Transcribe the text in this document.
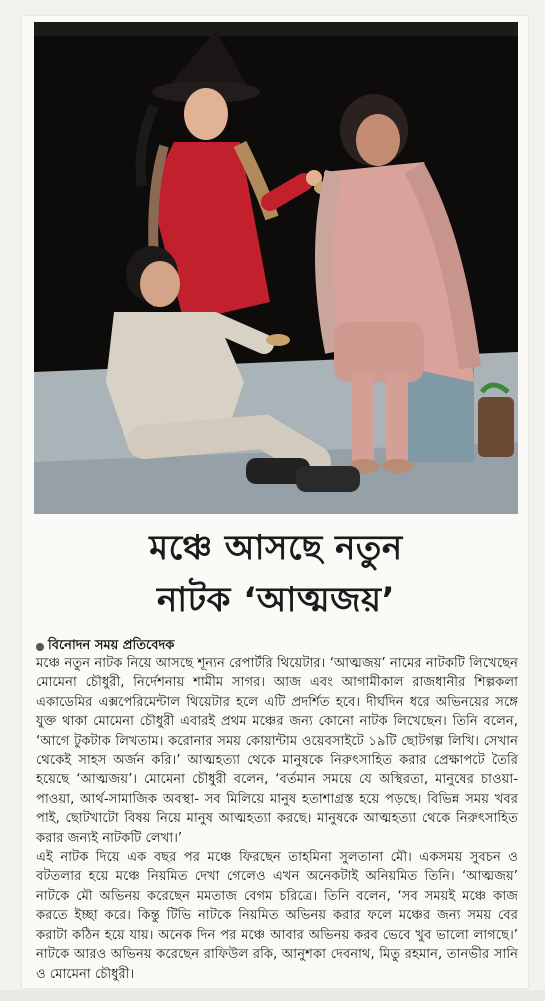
মঞ্চে আসছে নতুন
নাটক ‘আত্মজয়’
বিনোদন সময় প্রতিবেদক

মঞ্চে নতুন নাটক নিয়ে আসছে শূন্যন রেপার্টরি থিয়েটার। ‘আত্মজয়’ নামের নাটকটি লিখেছেন মোমেনা চৌধুরী, নির্দেশনায় শামীম সাগর। আজ এবং আগামীকাল রাজধানীর শিল্পকলা একাডেমির এক্সপেরিমেন্টাল থিয়েটার হলে এটি প্রদর্শিত হবে। দীর্ঘদিন ধরে অভিনয়ের সঙ্গে যুক্ত থাকা মোমেনা চৌধুরী এবারই প্রথম মঞ্চের জন্য কোনো নাটক লিখেছেন। তিনি বলেন, ‘আগে টুকটাক লিখতাম। করোনার সময় কোয়ান্টাম ওয়েবসাইটে ১৯টি ছোটগল্প লিখি। সেখান থেকেই সাহস অর্জন করি।’ আত্মহত্যা থেকে মানুষকে নিরুৎসাহিত করার প্রেক্ষাপটে তৈরি হয়েছে ‘আত্মজয়’। মোমেনা চৌধুরী বলেন, ‘বর্তমান সময়ে যে অস্থিরতা, মানুষের চাওয়া-পাওয়া, আর্থ-সামাজিক অবস্থা- সব মিলিয়ে মানুষ হতাশাগ্রস্ত হয়ে পড়ছে। বিভিন্ন সময় খবর পাই, ছোটখাটো বিষয় নিয়ে মানুষ আত্মহত্যা করছে। মানুষকে আত্মহত্যা থেকে নিরুৎসাহিত করার জন্যই নাটকটি লেখা।’

এই নাটক দিয়ে এক বছর পর মঞ্চে ফিরছেন তাহমিনা সুলতানা মৌ। একসময় সুবচন ও বটতলার হয়ে মঞ্চে নিয়মিত দেখা গেলেও এখন অনেকটাই অনিয়মিত তিনি। ‘আত্মজয়’ নাটকে মৌ অভিনয় করেছেন মমতাজ বেগম চরিত্রে। তিনি বলেন, ‘সব সময়ই মঞ্চে কাজ করতে ইচ্ছা করে। কিন্তু টিভি নাটকে নিয়মিত অভিনয় করার ফলে মঞ্চের জন্য সময় বের করাটা কঠিন হয়ে যায়। অনেক দিন পর মঞ্চে আবার অভিনয় করব ভেবে খুব ভালো লাগছে।’ নাটকে আরও অভিনয় করেছেন রাফিউল রকি, আনুশকা দেবনাথ, মিতু রহমান, তানভীর সানি ও মোমেনা চৌধুরী।
